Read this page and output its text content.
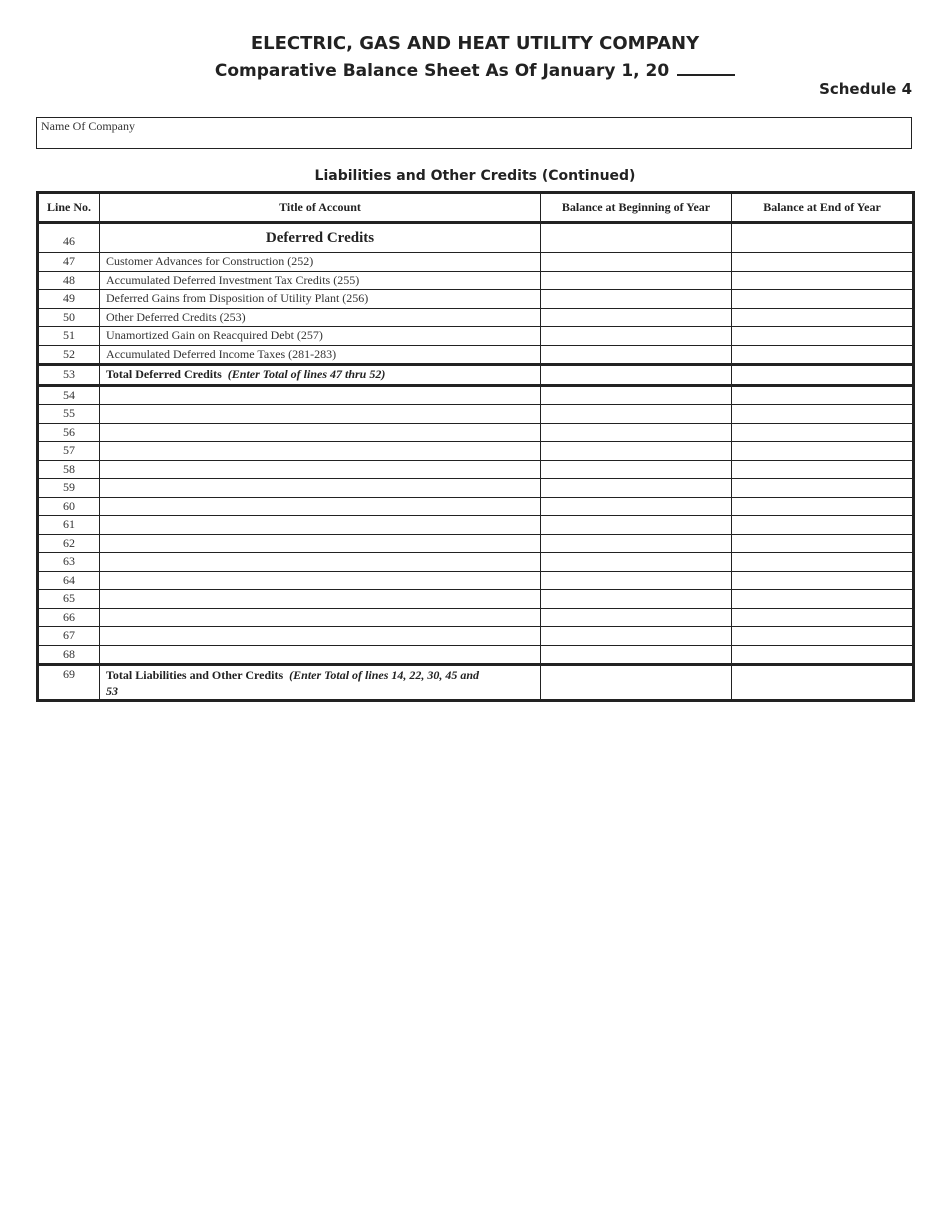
ELECTRIC, GAS AND HEAT UTILITY COMPANY
Comparative Balance Sheet As Of January 1, 20
Schedule 4
Name Of Company
Liabilities and Other Credits (Continued)
Line No.	Title of Account	Balance at Beginning of Year	Balance at End of Year
46	Deferred Credits		
47	Customer Advances for Construction (252)		
48	Accumulated Deferred Investment Tax Credits (255)		
49	Deferred Gains from Disposition of Utility Plant (256)		
50	Other Deferred Credits (253)		
51	Unamortized Gain on Reacquired Debt (257)		
52	Accumulated Deferred Income Taxes (281-283)		
53	Total Deferred Credits (Enter Total of lines 47 thru 52)		
54			
55			
56			
57			
58			
59			
60			
61			
62			
63			
64			
65			
66			
67			
68			
69	Total Liabilities and Other Credits (Enter Total of lines 14, 22, 30, 45 and 53		
